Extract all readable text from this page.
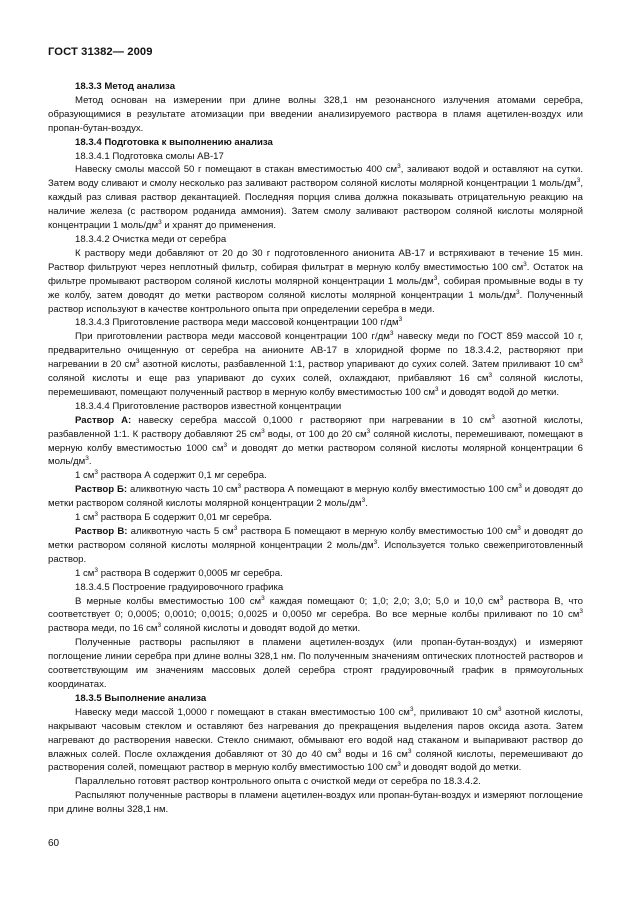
ГОСТ 31382— 2009

18.3.3 Метод анализа

Метод основан на измерении при длине волны 328,1 нм резонансного излучения атомами серебра, образующимися в результате атомизации при введении анализируемого раствора в пламя ацетилен-воздух или пропан-бутан-воздух.

18.3.4 Подготовка к выполнению анализа

18.3.4.1 Подготовка смолы АВ-17

Навеску смолы массой 50 г помещают в стакан вместимостью 400 $см^3$, заливают водой и оставляют на сутки. Затем воду сливают и смолу несколько раз заливают раствором соляной кислоты молярной концентрации 1 моль/$дм^3$, каждый раз сливая раствор декантацией. Последняя порция слива должна показывать отрицательную реакцию на наличие железа (с раствором роданида аммония). Затем смолу заливают раствором соляной кислоты молярной концентрации 1 моль/$дм^3$ и хранят до применения.

18.3.4.2 Очистка меди от серебра

К раствору меди добавляют от 20 до 30 г подготовленного анионита АВ-17 и встряхивают в течение 15 мин. Раствор фильтруют через неплотный фильтр, собирая фильтрат в мерную колбу вместимостью 100 $см^3$. Остаток на фильтре промывают раствором соляной кислоты молярной концентрации 1 моль/$дм^3$, собирая промывные воды в ту же колбу, затем доводят до метки раствором соляной кислоты молярной концентрации 1 моль/$дм^3$. Полученный раствор используют в качестве контрольного опыта при определении серебра в меди.

18.3.4.3 Приготовление раствора меди массовой концентрации 100 $г/дм^3$

При приготовлении раствора меди массовой концентрации 100 $г/дм^3$ навеску меди по ГОСТ 859 массой 10 г, предварительно очищенную от серебра на анионите АВ-17 в хлоридной форме по 18.3.4.2, растворяют при нагревании в 20 $см^3$ азотной кислоты, разбавленной 1:1, раствор упаривают до сухих солей. Затем приливают 10 $см^3$ соляной кислоты и еще раз упаривают до сухих солей, охлаждают, прибавляют 16 $см^3$ соляной кислоты, перемешивают, помещают полученный раствор в мерную колбу вместимостью 100 $см^3$ и доводят водой до метки.

18.3.4.4 Приготовление растворов известной концентрации

Раствор А: навеску серебра массой 0,1000 г растворяют при нагревании в 10 $см^3$ азотной кислоты, разбавленной 1:1. К раствору добавляют 25 $см^3$ воды, от 100 до 20 $см^3$ соляной кислоты, перемешивают, помещают в мерную колбу вместимостью 1000 $см^3$ и доводят до метки раствором соляной кислоты молярной концентрации 6 моль/$дм^3$.

1 $см^3$ раствора А содержит 0,1 мг серебра.

Раствор Б: аликвотную часть 10 $см^3$ раствора А помещают в мерную колбу вместимостью 100 $см^3$ и доводят до метки раствором соляной кислоты молярной концентрации 2 моль/$дм^3$.

1 $см^3$ раствора Б содержит 0,01 мг серебра.

Раствор В: аликвотную часть 5 $см^3$ раствора Б помещают в мерную колбу вместимостью 100 $см^3$ и доводят до метки раствором соляной кислоты молярной концентрации 2 моль/$дм^3$. Используется только свежеприготовленный раствор.

1 $см^3$ раствора В содержит 0,0005 мг серебра.

18.3.4.5 Построение градуировочного графика

В мерные колбы вместимостью 100 $см^3$ каждая помещают 0; 1,0; 2,0; 3,0; 5,0 и 10,0 $см^3$ раствора В, что соответствует 0; 0,0005; 0,0010; 0,0015; 0,0025 и 0,0050 мг серебра. Во все мерные колбы приливают по 10 $см^3$ раствора меди, по 16 $см^3$ соляной кислоты и доводят водой до метки.

Полученные растворы распыляют в пламени ацетилен-воздух (или пропан-бутан-воздух) и измеряют поглощение линии серебра при длине волны 328,1 нм. По полученным значениям оптических плотностей растворов и соответствующим им значениям массовых долей серебра строят градуировочный график в прямоугольных координатах.

18.3.5 Выполнение анализа

Навеску меди массой 1,0000 г помещают в стакан вместимостью 100 $см^3$, приливают 10 $см^3$ азотной кислоты, накрывают часовым стеклом и оставляют без нагревания до прекращения выделения паров оксида азота. Затем нагревают до растворения навески. Стекло снимают, обмывают его водой над стаканом и выпаривают раствор до влажных солей. После охлаждения добавляют от 30 до 40 $см^3$ воды и 16 $см^3$ соляной кислоты, перемешивают до растворения солей, помещают раствор в мерную колбу вместимостью 100 $см^3$ и доводят водой до метки.

Параллельно готовят раствор контрольного опыта с очисткой меди от серебра по 18.3.4.2.

Распыляют полученные растворы в пламени ацетилен-воздух или пропан-бутан-воздух и измеряют поглощение при длине волны 328,1 нм.

60
